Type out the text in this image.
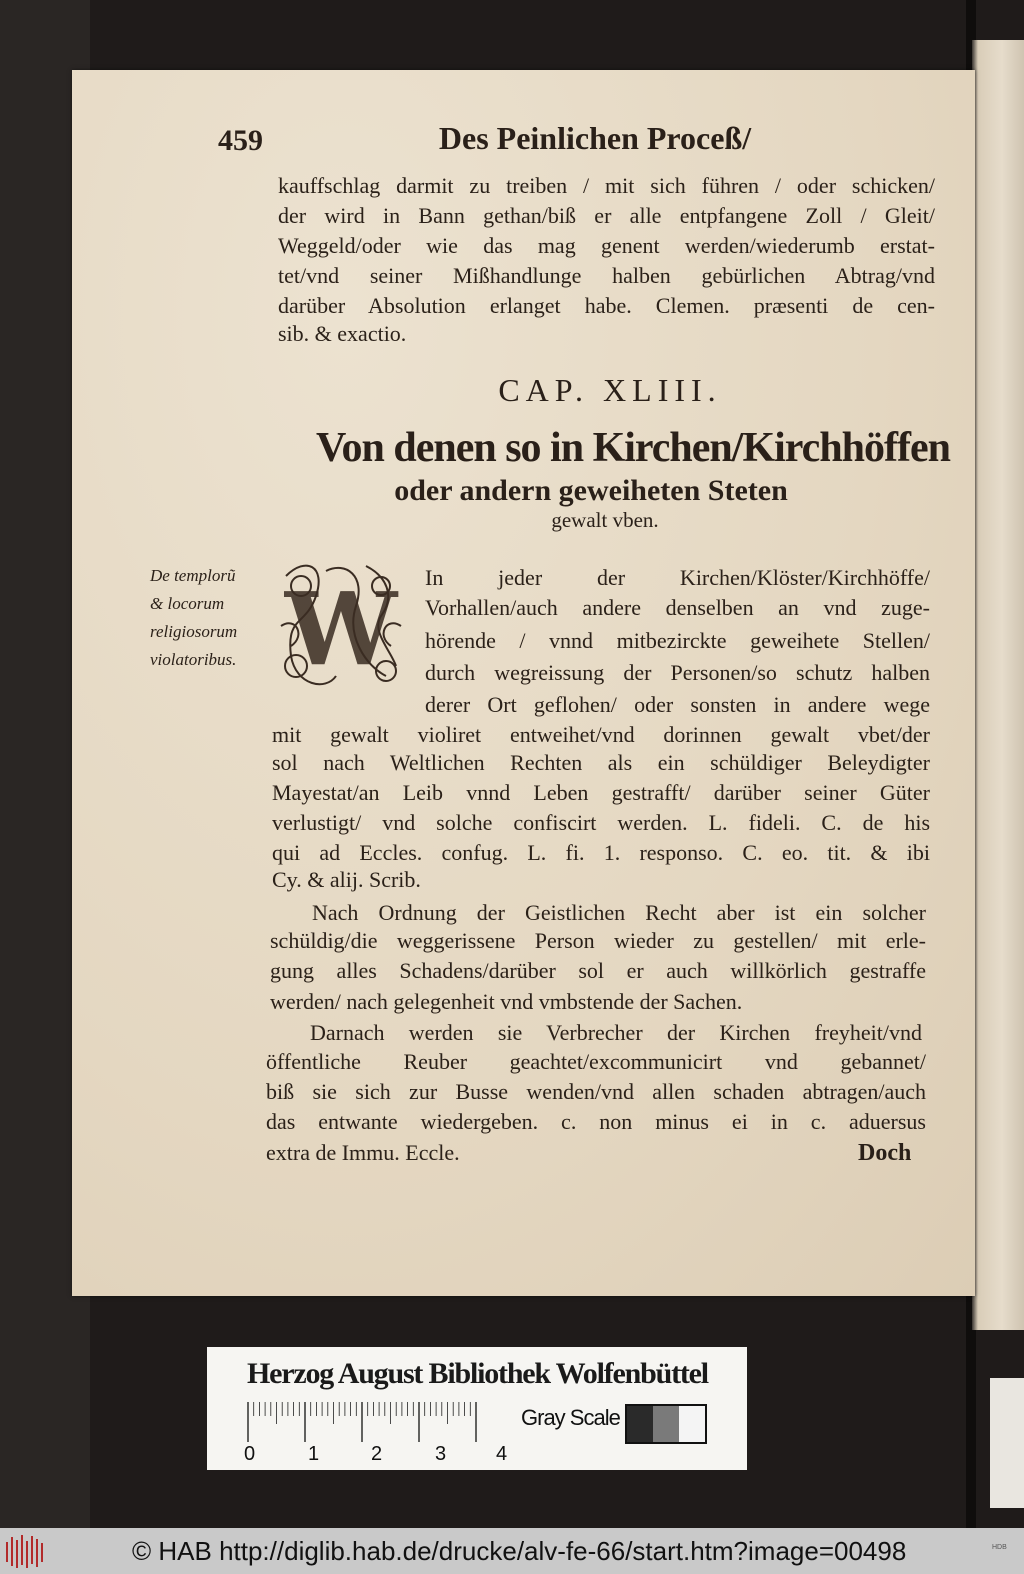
459	Des Peinlichen Proceß/
kauffschlag darmit zu treiben / mit sich führen / oder schicken/
der wird in Bann gethan/biß er alle entpfangene Zoll / Gleit/
Weggeld/oder wie das mag genent werden/wiederumb erstat-
tet/vnd seiner Mißhandlunge halben gebürlichen Abtrag/vnd
darüber Absolution erlanget habe. Clemen. præsenti de cen-
sib. & exactio.
CAP. XLIII.
Von denen so in Kirchen/Kirchhöffen
oder andern geweiheten Steten
gewalt vben.
De templorũ
& locorum
religiosorum
violatoribus. W In jeder der Kirchen/Klöster/Kirchhöffe/
Vorhallen/auch andere denselben an vnd zuge-
hörende / vnnd mitbezirckte geweihete Stellen/
durch wegreissung der Personen/so schutz halben
derer Ort geflohen/ oder sonsten in andere wege
mit gewalt violiret entweihet/vnd dorinnen gewalt vbet/der
sol nach Weltlichen Rechten als ein schüldiger Beleydigter
Mayestat/an Leib vnnd Leben gestrafft/ darüber seiner Güter
verlustigt/ vnd solche confiscirt werden. L. fideli. C. de his
qui ad Eccles. confug. L. fi. 1. responso. C. eo. tit. & ibi
Cy. & alij. Scrib.
Nach Ordnung der Geistlichen Recht aber ist ein solcher
schüldig/die weggerissene Person wieder zu gestellen/ mit erle-
gung alles Schadens/darüber sol er auch willkörlich gestraffe
werden/ nach gelegenheit vnd vmbstende der Sachen.
Darnach werden sie Verbrecher der Kirchen freyheit/vnd
öffentliche Reuber geachtet/excommunicirt vnd gebannet/
biß sie sich zur Busse wenden/vnd allen schaden abtragen/auch
das entwante wiedergeben. c. non minus ei in c. aduersus
extra de Immu. Eccle.	Doch
Herzog August Bibliothek Wolfenbüttel
0	1	2	3 4
Gray Scale
© HAB http://diglib.hab.de/drucke/alv-fe-66/start.htm?image=00498	HDB
